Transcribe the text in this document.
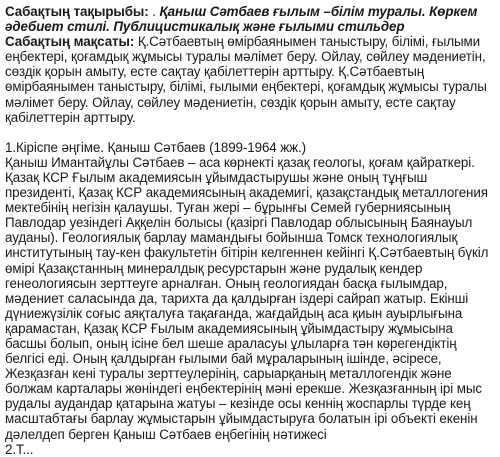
Сабақтың тақырыбы: . Қаныш Сәтбаев ғылым –білім туралы. Көркем әдебиет стилі. Публицистикалық және ғылыми стильдер

Сабақтың мақсаты: Қ.Сәтбаевтың өмірбаянымен таныстыру, білімі, ғылыми еңбектері, қоғамдық жұмысы туралы мәлімет беру. Ойлау, сөйлеу мәдениетін, сөздік қорын амыту, есте сақтау қабілеттерін арттыру. Қ.Сәтбаевтың өмірбаянымен таныстыру, білімі, ғылыми еңбектері, қоғамдық жұмысы туралы мәлімет беру. Ойлау, сөйлеу мәдениетін, сөздік қорын амыту, есте сақтау қабілеттерін арттыру.

1.Кіріспе әңгіме. Қаныш Сәтбаев (1899-1964 жж.)

Қаныш Имантайұлы Сәтбаев – аса көрнекті қазақ геологы, қоғам қайраткері. Қазақ КСР Ғылым академиясын ұйымдастырушы және оның тұңғыш президенті, Қазақ КСР академиясының академигі, қазақстандық металлогения мектебінің негізін қалаушы. Туған жері – бұрынғы Семей губерниясының Павлодар уезіндегі Аққелін болысы (қазіргі Павлодар облысының Баянауыл ауданы). Геологиялық барлау мамандығы бойынша Томск технологиялық институтының тау-кен факультетін бітірін келгеннен кейінгі Қ.Сәтбаевтың бүкіл өмірі Қазақстанның минералдық ресурстарын және рудалық кендер генеологиясын зерттеуге арналған. Оның геологиядан басқа ғылымдар, мәдениет саласында да, тарихта да қалдырған іздері сайрап жатыр. Екінші дүниежүзілік соғыс аяқталуға тақағанда, жағдайдың аса қиын ауырлығына қарамастан, Қазақ КСР Ғылым академиясының ұйымдастыру жұмысына басшы болып, оның ісіне бел шеше араласуы ұлыларға тән көрегендіктің белгісі еді. Оның қалдырған ғылыми бай мұраларының ішінде, әсіресе, Жезқазған кені туралы зерттеулерінің, сарыарқаның металлогендік және болжам карталары жөніндегі еңбектерінің мәні ерекше. Жезқазғанның ірі мыс рудалы аудандар қатарына жатуы – кезінде осы кеннің жоспарлы түрде кең масштабтағы барлау жұмыстарын ұйымдастыруға болатын ірі объекті екенін дәлелдеп берген Қаныш Сәтбаев еңбегінің нәтижесі

2.Т...
